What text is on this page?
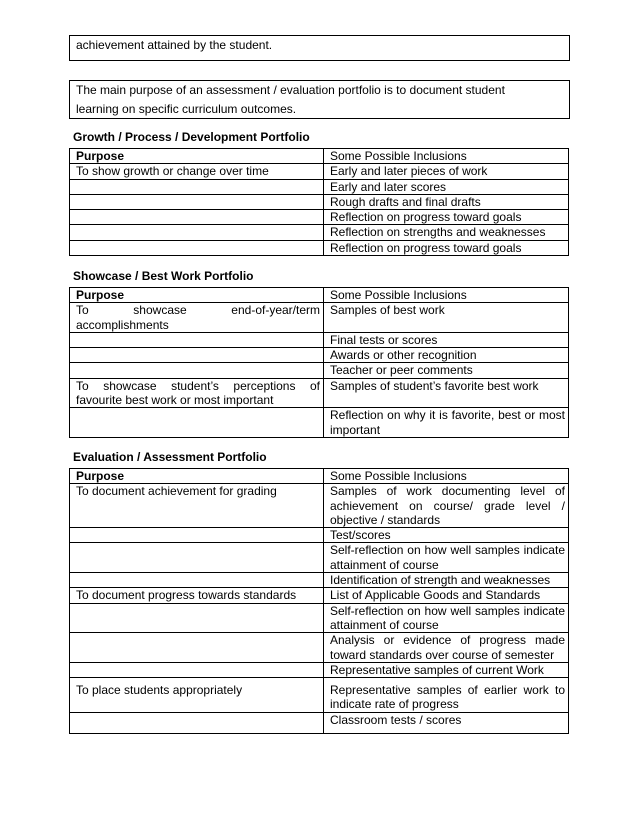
achievement attained by the student.
The main purpose of an assessment / evaluation portfolio is to document student
learning on specific curriculum outcomes.
Growth / Process / Development Portfolio
Purpose	Some Possible Inclusions
To show growth or change over time	Early and later pieces of work
	Early and later scores
	Rough drafts and final drafts
	Reflection on progress toward goals
	Reflection on strengths and weaknesses
	Reflection on progress toward goals
Showcase / Best Work Portfolio
Purpose	Some Possible Inclusions
To showcase end-of-year/term accomplishments	Samples of best work
	Final tests or scores
	Awards or other recognition
	Teacher or peer comments
To showcase student’s perceptions of favourite best work or most important	Samples of student’s favorite best work
	Reflection on why it is favorite, best or most important
Evaluation / Assessment Portfolio
Purpose	Some Possible Inclusions
To document achievement for grading	Samples of work documenting level of achievement on course/ grade level / objective / standards
	Test/scores
	Self-reflection on how well samples indicate attainment of course
	Identification of strength and weaknesses
To document progress towards standards	List of Applicable Goods and Standards
	Self-reflection on how well samples indicate attainment of course
	Analysis or evidence of progress made toward standards over course of semester
	Representative samples of current Work
To place students appropriately	Representative samples of earlier work to indicate rate of progress
	Classroom tests / scores
